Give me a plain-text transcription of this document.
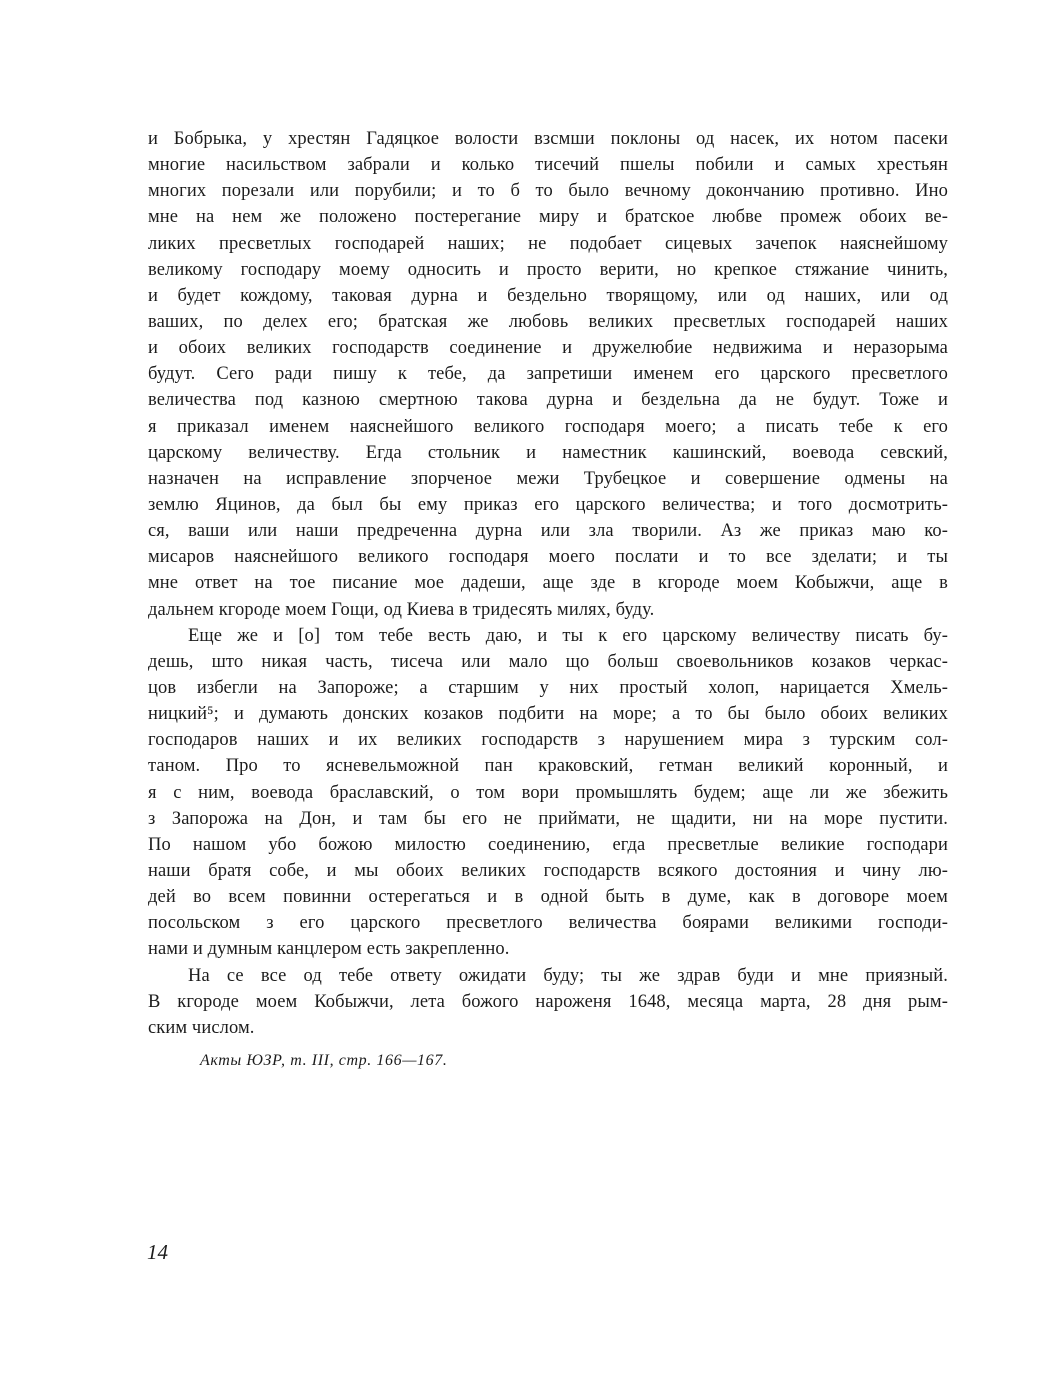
и Бобрыка, у хрестян Гадяцкое волости взсмши поклоны од насек, их нотом пасеки
многие насильством забрали и колько тисечий пшелы побили и самых хрестьян
многих порезали или порубили; и то б то было вечному докончанию противно. Ино
мне на нем же положено постерегание миру и братское любве промеж обоих ве-
ликих пресветлых господарей наших; не подобает сицевых зачепок наяснейшому
великому господару моему односить и просто верити, но крепкое стяжание чинить,
и будет кождому, таковая дурна и бездельно творящому, или од наших, или од
ваших, по делех его; братская же любовь великих пресветлых господарей наших
и обоих великих господарств соединение и дружелюбие недвижима и неразорыма
будут. Сего ради пишу к тебе, да запретиши именем его царского пресветлого
величества под казною смертною такова дурна и бездельна да не будут. Тоже и
я приказал именем наяснейшого великого господаря моего; а писать тебе к его
царскому величеству. Егда стольник и наместник кашинский, воевода севский,
назначен на исправление зпорченое межи Трубецкое и совершение одмены на
землю Яцинов, да был бы ему приказ его царского величества; и того досмотрить-
ся, ваши или наши предреченна дурна или зла творили. Аз же приказ маю ко-
мисаров наяснейшого великого господаря моего послати и то все зделати; и ты
мне ответ на тое писание мое дадеши, аще зде в кгороде моем Кобыжчи, аще в
дальнем кгороде моем Гощи, од Киева в тридесять милях, буду.
Еще же и [о] том тебе весть даю, и ты к его царскому величеству писать бу-
дешь, што никая часть, тисеча или мало що больш своевольников козаков черкас-
цов избегли на Запороже; а старшим у них простый холоп, нарицается Хмель-
ницкий⁵; и думають донских козаков подбити на море; а то бы было обоих великих
господаров наших и их великих господарств з нарушением мира з турским сол-
таном. Про то ясневельможной пан краковский, гетман великий коронный, и
я с ним, воевода браславский, о том вори промышлять будем; аще ли же збежить
з Запорожа на Дон, и там бы его не приймати, не щадити, ни на море пустити.
По нашом убо божою милостю соединению, егда пресветлые великие господари
наши братя собе, и мы обоих великих господарств всякого достояния и чину лю-
дей во всем повинни остерегаться и в одной быть в думе, как в договоре моем
посольском з его царского пресветлого величества боярами великими господи-
нами и думным канцлером есть закрепленно.
На се все од тебе ответу ожидати буду; ты же здрав буди и мне приязный.
В кгороде моем Кобыжчи, лета божого нароженя 1648, месяца марта, 28 дня рым-
ским числом.
Акты ЮЗР, т. III, стр. 166—167.
14
